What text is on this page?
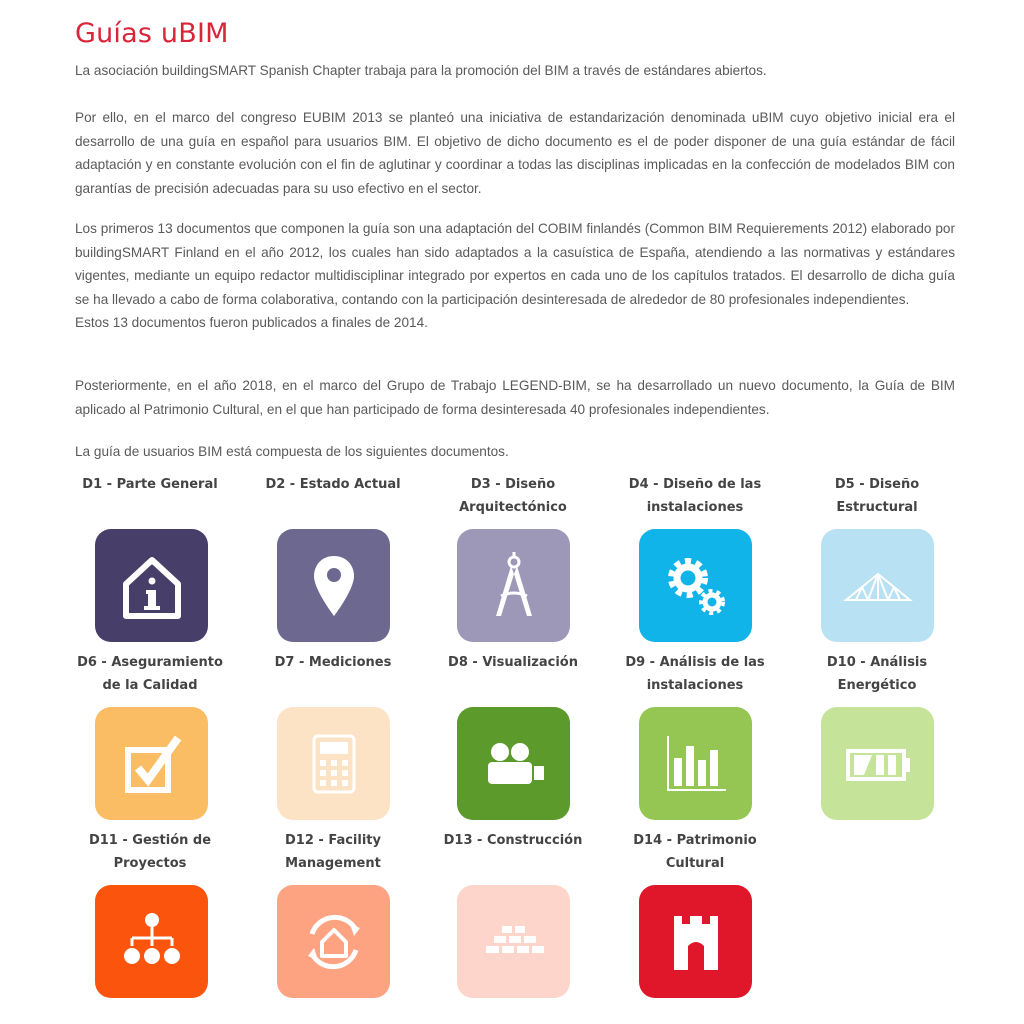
Guías uBIM
La asociación buildingSMART Spanish Chapter trabaja para la promoción del BIM a través de estándares abiertos.
Por ello, en el marco del congreso EUBIM 2013 se planteó una iniciativa de estandarización denominada uBIM cuyo objetivo inicial era el desarrollo de una guía en español para usuarios BIM. El objetivo de dicho documento es el de poder disponer de una guía estándar de fácil adaptación y en constante evolución con el fin de aglutinar y coordinar a todas las disciplinas implicadas en la confección de modelados BIM con garantías de precisión adecuadas para su uso efectivo en el sector.
Los primeros 13 documentos que componen la guía son una adaptación del COBIM finlandés (Common BIM Requierements 2012) elaborado por buildingSMART Finland en el año 2012, los cuales han sido adaptados a la casuística de España, atendiendo a las normativas y estándares vigentes, mediante un equipo redactor multidisciplinar integrado por expertos en cada uno de los capítulos tratados. El desarrollo de dicha guía se ha llevado a cabo de forma colaborativa, contando con la participación desinteresada de alrededor de 80 profesionales independientes.
Estos 13 documentos fueron publicados a finales de 2014.
Posteriormente, en el año 2018, en el marco del Grupo de Trabajo LEGEND-BIM, se ha desarrollado un nuevo documento, la Guía de BIM aplicado al Patrimonio Cultural, en el que han participado de forma desinteresada 40 profesionales independientes.
La guía de usuarios BIM está compuesta de los siguientes documentos.
D1 - Parte General	D2 - Estado Actual	D3 - Diseño
Arquitectónico
D4 - Diseño de las
instalaciones
D5 - Diseño
Estructural
D6 - Aseguramiento
de la Calidad
D7 - Mediciones	D8 - Visualización	D9 - Análisis de las
instalaciones
D10 - Análisis
Energético
D11 - Gestión de
Proyectos
D12 - Facility
Management
D13 - Construcción	D14 - Patrimonio
Cultural
